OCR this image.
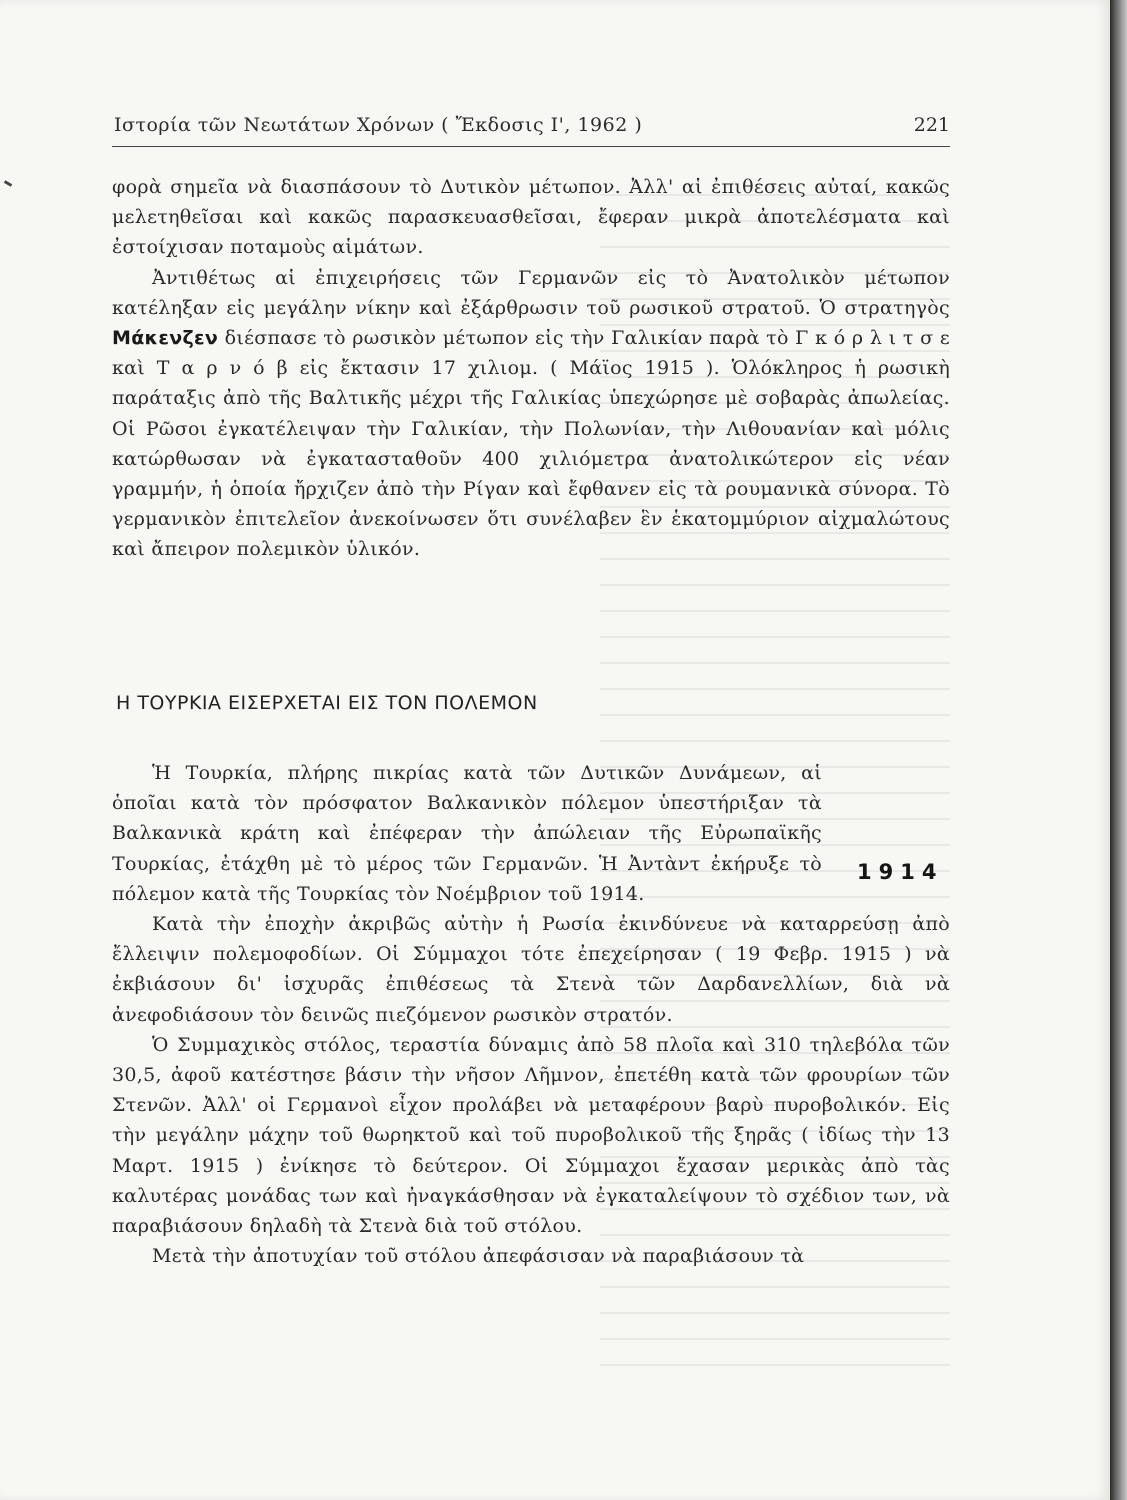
Ιστορία τῶν Νεωτάτων Χρόνων ( Ἔκδοσις Ι', 1962 )	221

φορὰ σημεῖα νὰ διασπάσουν τὸ Δυτικὸν μέτωπον. Ἀλλ' αἱ ἐπιθέσεις αὐταί, κακῶς μελετηθεῖσαι καὶ κακῶς παρασκευασθεῖσαι, ἔφεραν μικρὰ ἀποτελέσματα καὶ ἐστοίχισαν ποταμοὺς αἱμάτων.

Ἀντιθέτως αἱ ἐπιχειρήσεις τῶν Γερμανῶν εἰς τὸ Ἀνατολικὸν μέτωπον κατέληξαν εἰς μεγάλην νίκην καὶ ἐξάρθρωσιν τοῦ ρωσικοῦ στρατοῦ. Ὁ στρατηγὸς Μάκενζεν διέσπασε τὸ ρωσικὸν μέτωπον εἰς τὴν Γαλικίαν παρὰ τὸ Γ κ ό ρ λ ι τ σ ε καὶ Τ α ρ ν ό β εἰς ἔκτασιν 17 χιλιομ. ( Μάϊος 1915 ). Ὁλόκληρος ἡ ρωσικὴ παράταξις ἀπὸ τῆς Βαλτικῆς μέχρι τῆς Γαλικίας ὑπεχώρησε μὲ σοβαρὰς ἀπωλείας. Οἱ Ρῶσοι ἐγκατέλειψαν τὴν Γαλικίαν, τὴν Πολωνίαν, τὴν Λιθουανίαν καὶ μόλις κατώρθωσαν νὰ ἐγκατασταθοῦν 400 χιλιόμετρα ἀνατολικώτερον εἰς νέαν γραμμήν, ἡ ὁποία ἤρχιζεν ἀπὸ τὴν Ρίγαν καὶ ἔφθανεν εἰς τὰ ρουμανικὰ σύνορα. Τὸ γερμανικὸν ἐπιτελεῖον ἀνεκοίνωσεν ὅτι συνέλαβεν ἓν ἑκατομμύριον αἰχμαλώτους καὶ ἄπειρον πολεμικὸν ὑλικόν.

Η ΤΟΥΡΚΙΑ ΕΙΣΕΡΧΕΤΑΙ ΕΙΣ ΤΟΝ ΠΟΛΕΜΟΝ

Ἡ Τουρκία, πλήρης πικρίας κατὰ τῶν Δυτικῶν Δυνάμεων, αἱ ὁποῖαι κατὰ τὸν πρόσφατον Βαλκανικὸν πόλεμον ὑπεστήριξαν τὰ Βαλκανικὰ κράτη καὶ ἐπέφεραν τὴν ἀπώλειαν τῆς Εὐρωπαϊκῆς Τουρκίας, ἐτάχθη μὲ τὸ μέρος τῶν Γερμανῶν. Ἡ Ἀντὰντ ἐκήρυξε τὸ πόλεμον κατὰ τῆς Τουρκίας τὸν Νοέμβριον τοῦ 1914.

Κατὰ τὴν ἐποχὴν ἀκριβῶς αὐτὴν ἡ Ρωσία ἐκινδύνευε νὰ καταρρεύσῃ ἀπὸ ἔλλειψιν πολεμοφοδίων. Οἱ Σύμμαχοι τότε ἐπεχείρησαν ( 19 Φεβρ. 1915 ) νὰ ἐκβιάσουν δι' ἰσχυρᾶς ἐπιθέσεως τὰ Στενὰ τῶν Δαρδανελλίων, διὰ νὰ ἀνεφοδιάσουν τὸν δεινῶς πιεζόμενον ρωσικὸν στρατόν.

Ὁ Συμμαχικὸς στόλος, τεραστία δύναμις ἀπὸ 58 πλοῖα καὶ 310 τηλεβόλα τῶν 30,5, ἀφοῦ κατέστησε βάσιν τὴν νῆσον Λῆμνον, ἐπετέθη κατὰ τῶν φρουρίων τῶν Στενῶν. Ἀλλ' οἱ Γερμανοὶ εἶχον προλάβει νὰ μεταφέρουν βαρὺ πυροβολικόν. Εἰς τὴν μεγάλην μάχην τοῦ θωρηκτοῦ καὶ τοῦ πυροβολικοῦ τῆς ξηρᾶς ( ἰδίως τὴν 13 Μαρτ. 1915 ) ἐνίκησε τὸ δεύτερον. Οἱ Σύμμαχοι ἔχασαν μερικὰς ἀπὸ τὰς καλυτέρας μονάδας των καὶ ἠναγκάσθησαν νὰ ἐγκαταλείψουν τὸ σχέδιον των, νὰ παραβιάσουν δηλαδὴ τὰ Στενὰ διὰ τοῦ στόλου.

Μετὰ τὴν ἀποτυχίαν τοῦ στόλου ἀπεφάσισαν νὰ παραβιάσουν τὰ

1914
